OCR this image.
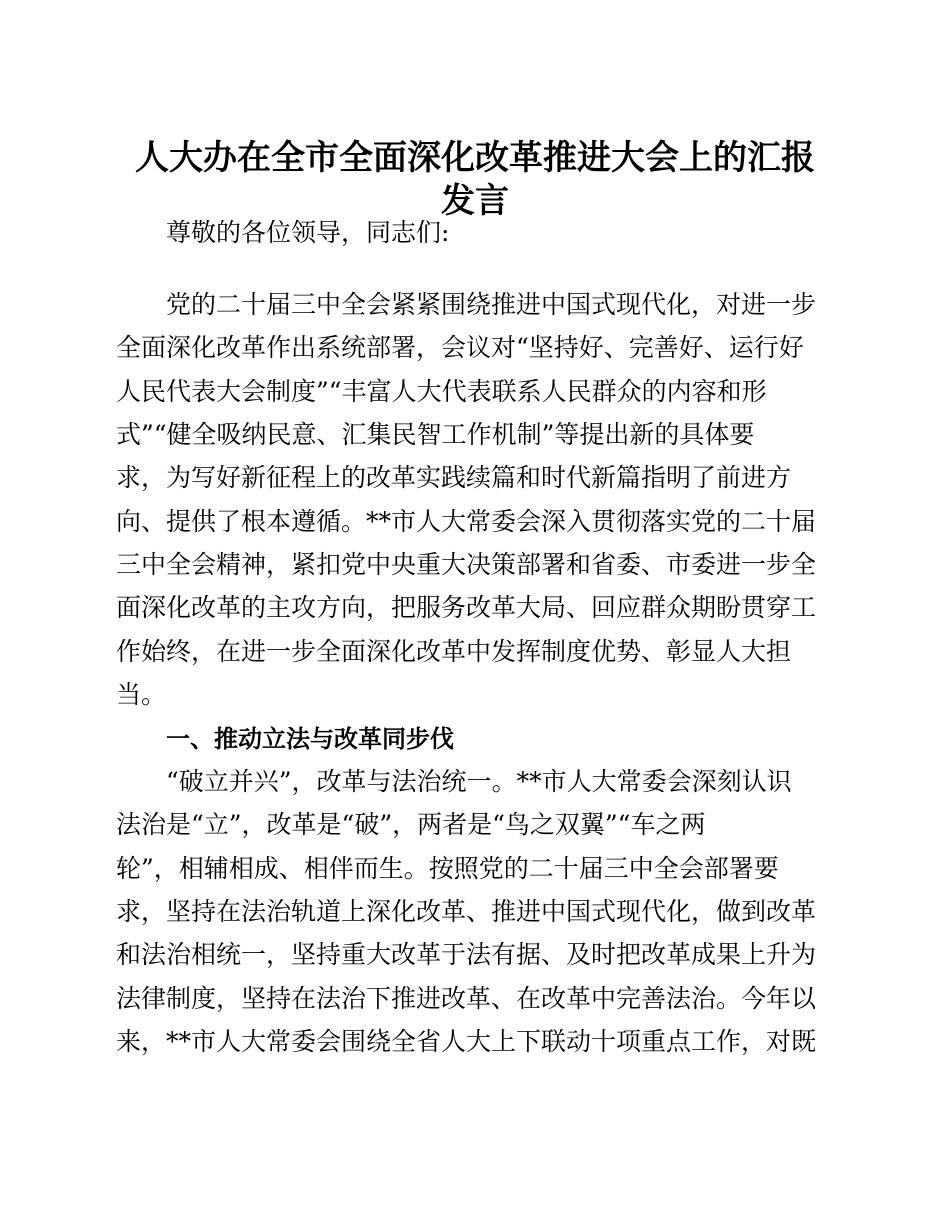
人大办在全市全面深化改革推进大会上的汇报
发言

尊敬的各位领导，同志们:

党的二十届三中全会紧紧围绕推进中国式现代化，对进一步

全面深化改革作出系统部署，会议对“坚持好、完善好、运行好

人民代表大会制度”“丰富人大代表联系人民群众的内容和形

式”“健全吸纳民意、汇集民智工作机制”等提出新的具体要

求，为写好新征程上的改革实践续篇和时代新篇指明了前进方

向、提供了根本遵循。**市人大常委会深入贯彻落实党的二十届

三中全会精神，紧扣党中央重大决策部署和省委、市委进一步全

面深化改革的主攻方向，把服务改革大局、回应群众期盼贯穿工

作始终，在进一步全面深化改革中发挥制度优势、彰显人大担

当。

一、推动立法与改革同步伐

“破立并兴”，改革与法治统一。**市人大常委会深刻认识

法治是“立”，改革是“破”，两者是“鸟之双翼”“车之两

轮”，相辅相成、相伴而生。按照党的二十届三中全会部署要

求，坚持在法治轨道上深化改革、推进中国式现代化，做到改革

和法治相统一，坚持重大改革于法有据、及时把改革成果上升为

法律制度，坚持在法治下推进改革、在改革中完善法治。今年以

来，**市人大常委会围绕全省人大上下联动十项重点工作，对既
